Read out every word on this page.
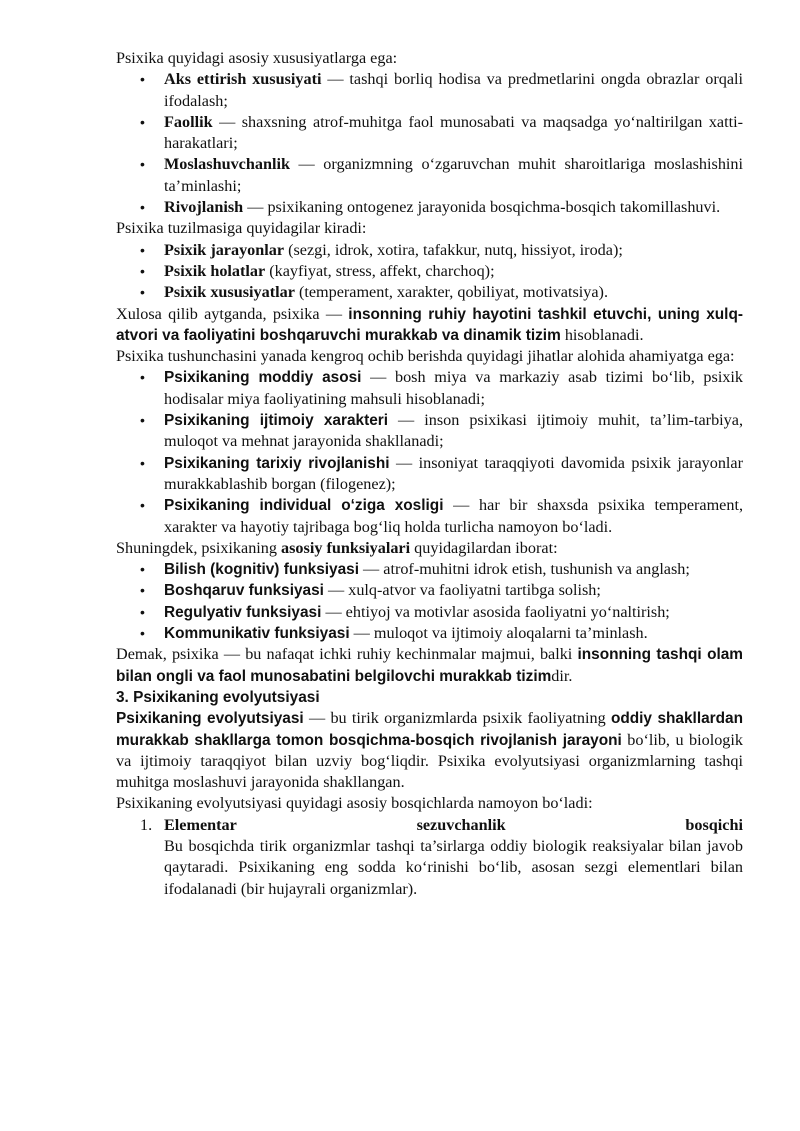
Psixika quyidagi asosiy xususiyatlarga ega:

• Aks ettirish xususiyati — tashqi borliq hodisa va predmetlarini ongda obrazlar orqali ifodalash;
• Faollik — shaxsning atrof-muhitga faol munosabati va maqsadga yo‘naltirilgan xatti-harakatlari;
• Moslashuvchanlik — organizmning o‘zgaruvchan muhit sharoitlariga moslashishini ta’minlashi;
• Rivojlanish — psixikaning ontogenez jarayonida bosqichma-bosqich takomillashuvi.

Psixika tuzilmasiga quyidagilar kiradi:

• Psixik jarayonlar (sezgi, idrok, xotira, tafakkur, nutq, hissiyot, iroda);
• Psixik holatlar (kayfiyat, stress, affekt, charchoq);
• Psixik xususiyatlar (temperament, xarakter, qobiliyat, motivatsiya).

Xulosa qilib aytganda, psixika — insonning ruhiy hayotini tashkil etuvchi, uning xulq-atvori va faoliyatini boshqaruvchi murakkab va dinamik tizim hisoblanadi.

Psixika tushunchasini yanada kengroq ochib berishda quyidagi jihatlar alohida ahamiyatga ega:

• Psixikaning moddiy asosi — bosh miya va markaziy asab tizimi bo‘lib, psixik hodisalar miya faoliyatining mahsuli hisoblanadi;
• Psixikaning ijtimoiy xarakteri — inson psixikasi ijtimoiy muhit, ta’lim-tarbiya, muloqot va mehnat jarayonida shakllanadi;
• Psixikaning tarixiy rivojlanishi — insoniyat taraqqiyoti davomida psixik jarayonlar murakkablashib borgan (filogenez);
• Psixikaning individual o‘ziga xosligi — har bir shaxsda psixika temperament, xarakter va hayotiy tajribaga bog‘liq holda turlicha namoyon bo‘ladi.

Shuningdek, psixikaning asosiy funksiyalari quyidagilardan iborat:

• Bilish (kognitiv) funksiyasi — atrof-muhitni idrok etish, tushunish va anglash;
• Boshqaruv funksiyasi — xulq-atvor va faoliyatni tartibga solish;
• Regulyativ funksiyasi — ehtiyoj va motivlar asosida faoliyatni yo‘naltirish;
• Kommunikativ funksiyasi — muloqot va ijtimoiy aloqalarni ta’minlash.

Demak, psixika — bu nafaqat ichki ruhiy kechinmalar majmui, balki insonning tashqi olam bilan ongli va faol munosabatini belgilovchi murakkab tizimdir.

3. Psixikaning evolyutsiyasi

Psixikaning evolyutsiyasi — bu tirik organizmlarda psixik faoliyatning oddiy shakllardan murakkab shakllarga tomon bosqichma-bosqich rivojlanish jarayoni bo‘lib, u biologik va ijtimoiy taraqqiyot bilan uzviy bog‘liqdir. Psixika evolyutsiyasi organizmlarning tashqi muhitga moslashuvi jarayonida shakllangan.

Psixikaning evolyutsiyasi quyidagi asosiy bosqichlarda namoyon bo‘ladi:

1. Elementar	sezuvchanlik	bosqichi
Bu bosqichda tirik organizmlar tashqi ta’sirlarga oddiy biologik reaksiyalar bilan javob qaytaradi. Psixikaning eng sodda ko‘rinishi bo‘lib, asosan sezgi elementlari bilan ifodalanadi (bir hujayrali organizmlar).
